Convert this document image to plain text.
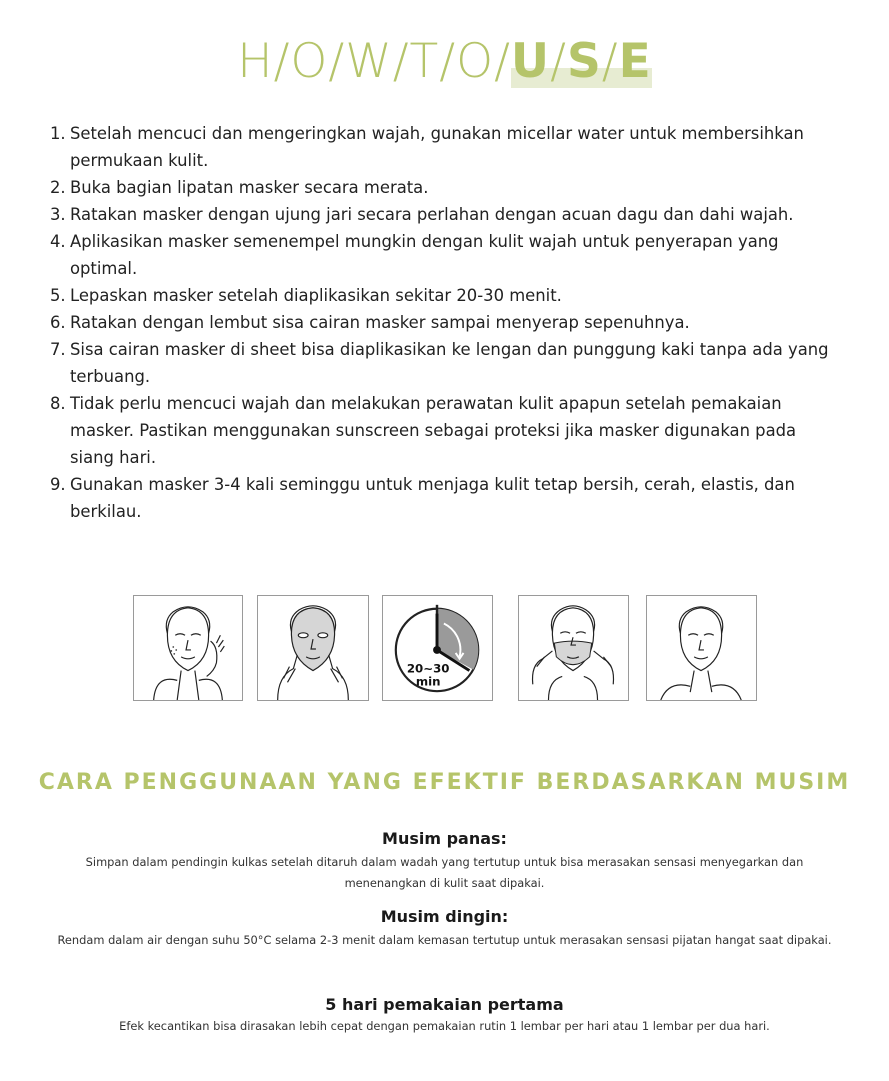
H/O/W/T/O/
U/S/E
1. Setelah mencuci dan mengeringkan wajah, gunakan micellar water untuk membersihkan permukaan kulit.
2. Buka bagian lipatan masker secara merata.
3. Ratakan masker dengan ujung jari secara perlahan dengan acuan dagu dan dahi wajah.
4. Aplikasikan masker semenempel mungkin dengan kulit wajah untuk penyerapan yang optimal.
5. Lepaskan masker setelah diaplikasikan sekitar 20-30 menit.
6. Ratakan dengan lembut sisa cairan masker sampai menyerap sepenuhnya.
7. Sisa cairan masker di sheet bisa diaplikasikan ke lengan dan punggung kaki tanpa ada yang terbuang.
8. Tidak perlu mencuci wajah dan melakukan perawatan kulit apapun setelah pemakaian masker. Pastikan menggunakan sunscreen sebagai proteksi jika masker digunakan pada siang hari.
9. Gunakan masker 3-4 kali seminggu untuk menjaga kulit tetap bersih, cerah, elastis, dan berkilau.
20~30
min
CARA PENGGUNAAN YANG EFEKTIF BERDASARKAN MUSIM
Musim panas:

Simpan dalam pendingin kulkas setelah ditaruh dalam wadah yang tertutup untuk bisa merasakan sensasi menyegarkan dan menenangkan di kulit saat dipakai.

Musim dingin:

Rendam dalam air dengan suhu 50°C selama 2-3 menit dalam kemasan tertutup untuk merasakan sensasi pijatan hangat saat dipakai.

5 hari pemakaian pertama

Efek kecantikan bisa dirasakan lebih cepat dengan pemakaian rutin 1 lembar per hari atau 1 lembar per dua hari.
